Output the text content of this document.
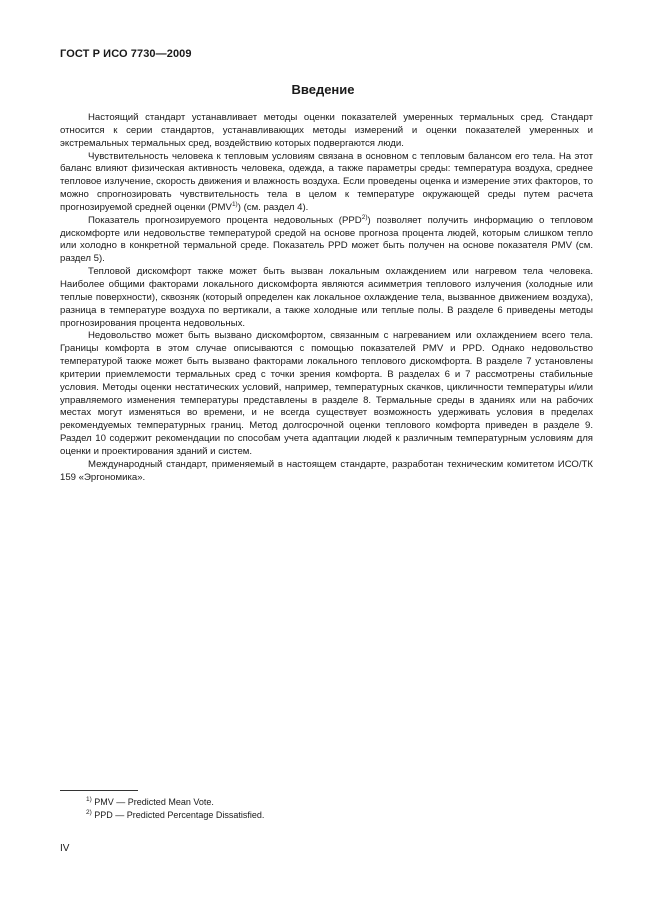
ГОСТ Р ИСО 7730—2009
Введение

Настоящий стандарт устанавливает методы оценки показателей умеренных термальных сред. Стандарт относится к серии стандартов, устанавливающих методы измерений и оценки показателей умеренных и экстремальных термальных сред, воздействию которых подвергаются люди.

Чувствительность человека к тепловым условиям связана в основном с тепловым балансом его тела. На этот баланс влияют физическая активность человека, одежда, а также параметры среды: температура воздуха, среднее тепловое излучение, скорость движения и влажность воздуха. Если проведены оценка и измерение этих факторов, то можно спрогнозировать чувствительность тела в целом к температуре окружающей среды путем расчета прогнозируемой средней оценки (PMV$^{1)}$) (см. раздел 4).

Показатель прогнозируемого процента недовольных (PPD$^{2)}$) позволяет получить информацию о тепловом дискомфорте или недовольстве температурой средой на основе прогноза процента людей, которым слишком тепло или холодно в конкретной термальной среде. Показатель PPD может быть получен на основе показателя PMV (см. раздел 5).

Тепловой дискомфорт также может быть вызван локальным охлаждением или нагревом тела человека. Наиболее общими факторами локального дискомфорта являются асимметрия теплового излучения (холодные или теплые поверхности), сквозняк (который определен как локальное охлаждение тела, вызванное движением воздуха), разница в температуре воздуха по вертикали, а также холодные или теплые полы. В разделе 6 приведены методы прогнозирования процента недовольных.

Недовольство может быть вызвано дискомфортом, связанным с нагреванием или охлаждением всего тела. Границы комфорта в этом случае описываются с помощью показателей PMV и PPD. Однако недовольство температурой также может быть вызвано факторами локального теплового дискомфорта. В разделе 7 установлены критерии приемлемости термальных сред с точки зрения комфорта. В разделах 6 и 7 рассмотрены стабильные условия. Методы оценки нестатических условий, например, температурных скачков, цикличности температуры и/или управляемого изменения температуры представлены в разделе 8. Термальные среды в зданиях или на рабочих местах могут изменяться во времени, и не всегда существует возможность удерживать условия в пределах рекомендуемых температурных границ. Метод долгосрочной оценки теплового комфорта приведен в разделе 9. Раздел 10 содержит рекомендации по способам учета адаптации людей к различным температурным условиям для оценки и проектирования зданий и систем.

Международный стандарт, применяемый в настоящем стандарте, разработан техническим комитетом ИСО/ТК 159 «Эргономика».

$^{1)}$ PMV — Predicted Mean Vote.
$^{2)}$ PPD — Predicted Percentage Dissatisfied.
IV
